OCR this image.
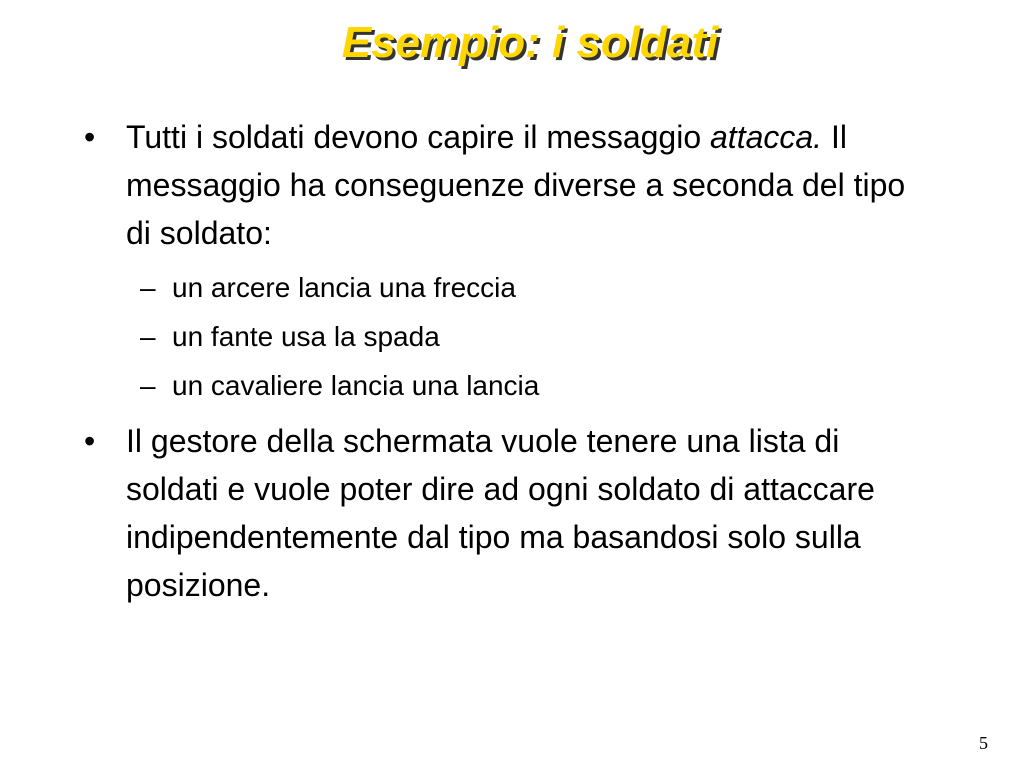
Esempio: i soldati
• Tutti i soldati devono capire il messaggio attacca. Il messaggio ha conseguenze diverse a seconda del tipo di soldato:
– un arcere lancia una freccia
– un fante usa la spada
– un cavaliere lancia una lancia
• Il gestore della schermata vuole tenere una lista di soldati e vuole poter dire ad ogni soldato di attaccare indipendentemente dal tipo ma basandosi solo sulla posizione.
5
